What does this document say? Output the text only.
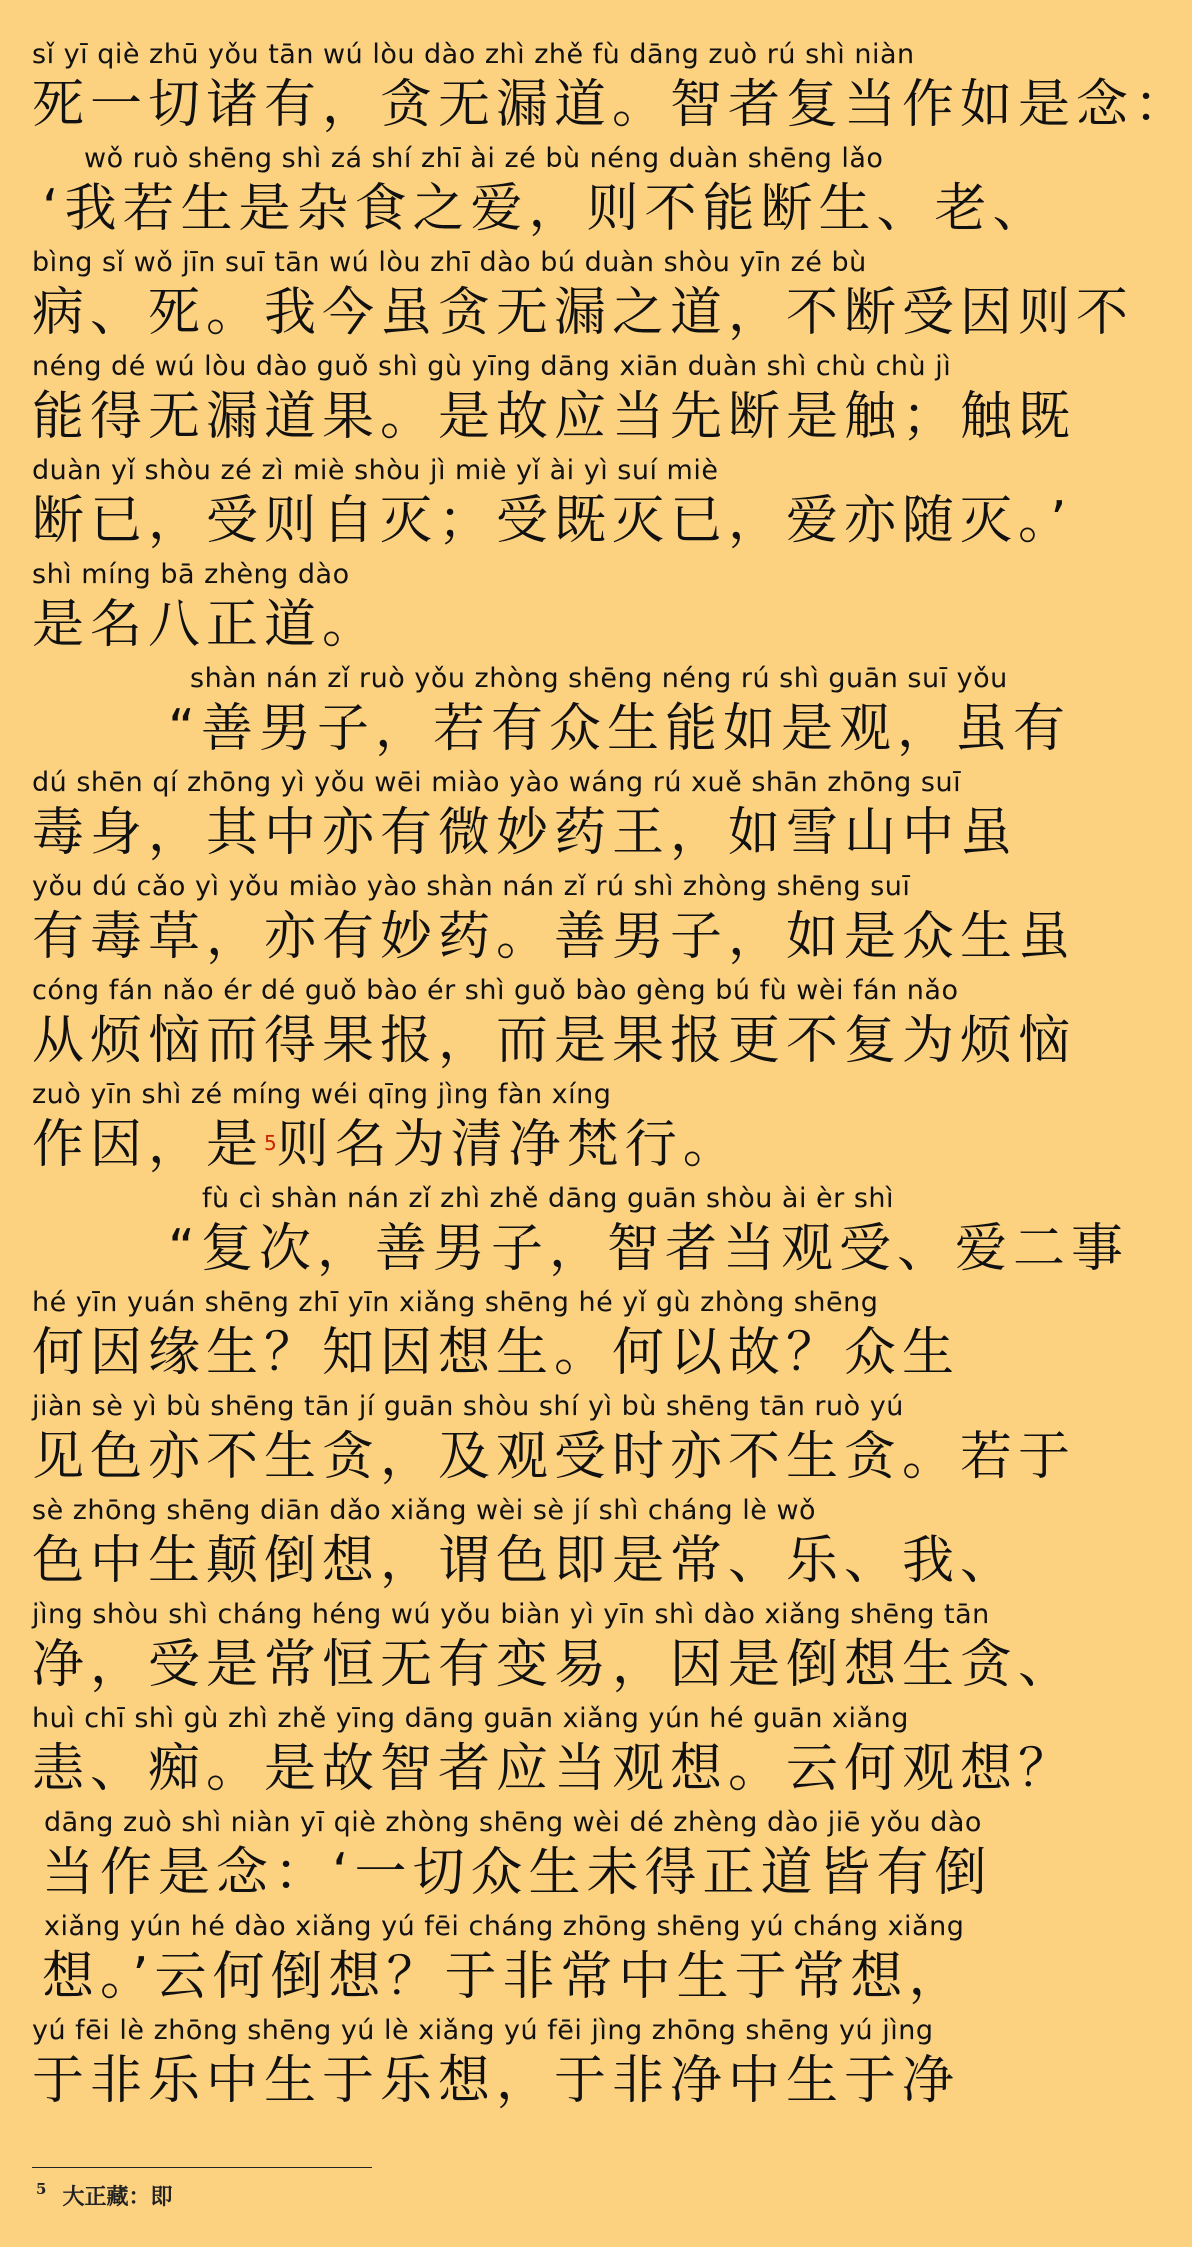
sǐ yī qiè zhū yǒu tān wú lòu dào zhì zhě fù dāng zuò rú shì niàn
死一切诸有，贪无漏道。智者复当作如是念：
wǒ ruò shēng shì zá shí zhī ài zé bù néng duàn shēng lǎo
‘我若生是杂食之爱，则不能断生、老、
bìng sǐ wǒ jīn suī tān wú lòu zhī dào bú duàn shòu yīn zé bù
病、死。我今虽贪无漏之道，不断受因则不
néng dé wú lòu dào guǒ shì gù yīng dāng xiān duàn shì chù chù jì
能得无漏道果。是故应当先断是触；触既
duàn yǐ shòu zé zì miè shòu jì miè yǐ ài yì suí miè
断已，受则自灭；受既灭已，爱亦随灭。’
shì míng bā zhèng dào
是名八正道。
shàn nán zǐ ruò yǒu zhòng shēng néng rú shì guān suī yǒu
“善男子，若有众生能如是观，虽有
dú shēn qí zhōng yì yǒu wēi miào yào wáng rú xuě shān zhōng suī
毒身，其中亦有微妙药王，如雪山中虽
yǒu dú cǎo yì yǒu miào yào shàn nán zǐ rú shì zhòng shēng suī
有毒草，亦有妙药。善男子，如是众生虽
cóng fán nǎo ér dé guǒ bào ér shì guǒ bào gèng bú fù wèi fán nǎo
从烦恼而得果报，而是果报更不复为烦恼
zuò yīn shì zé míng wéi qīng jìng fàn xíng
作因，是$^5$则名为清净梵行。
fù cì shàn nán zǐ zhì zhě dāng guān shòu ài èr shì
“复次，善男子，智者当观受、爱二事
hé yīn yuán shēng zhī yīn xiǎng shēng hé yǐ gù zhòng shēng
何因缘生？知因想生。何以故？众生
jiàn sè yì bù shēng tān jí guān shòu shí yì bù shēng tān ruò yú
见色亦不生贪，及观受时亦不生贪。若于
sè zhōng shēng diān dǎo xiǎng wèi sè jí shì cháng lè wǒ
色中生颠倒想，谓色即是常、乐、我、
jìng shòu shì cháng héng wú yǒu biàn yì yīn shì dào xiǎng shēng tān
净，受是常恒无有变易，因是倒想生贪、
huì chī shì gù zhì zhě yīng dāng guān xiǎng yún hé guān xiǎng
恚、痴。是故智者应当观想。云何观想？
dāng zuò shì niàn yī qiè zhòng shēng wèi dé zhèng dào jiē yǒu dào
当作是念：‘一切众生未得正道皆有倒
xiǎng yún hé dào xiǎng yú fēi cháng zhōng shēng yú cháng xiǎng
想。’云何倒想？于非常中生于常想，
yú fēi lè zhōng shēng yú lè xiǎng yú fēi jìng zhōng shēng yú jìng
于非乐中生于乐想，于非净中生于净
$^5$ 大正藏：即
